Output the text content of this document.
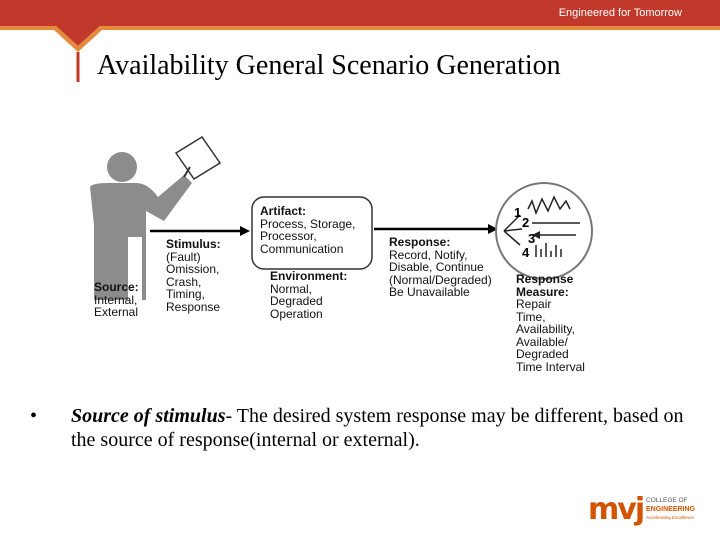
Engineered for Tomorrow
Availability General Scenario Generation
1
2
3
4
Source:
Internal,
External
Stimulus:
(Fault)
Omission,
Crash,
Timing,
Response
Artifact:
Process, Storage,
Processor,
Communication
Environment:
Normal,
Degraded
Operation
Response:
Record, Notify,
Disable, Continue
(Normal/Degraded)
Be Unavailable
Response
Measure:
Repair
Time,
Availability,
Available/
Degraded
Time Interval
• Source of stimulus- The desired system response may be different, based on the source of response(internal or external).
mvj COLLEGE OF
ENGINEERING
Accelerating Excellence
